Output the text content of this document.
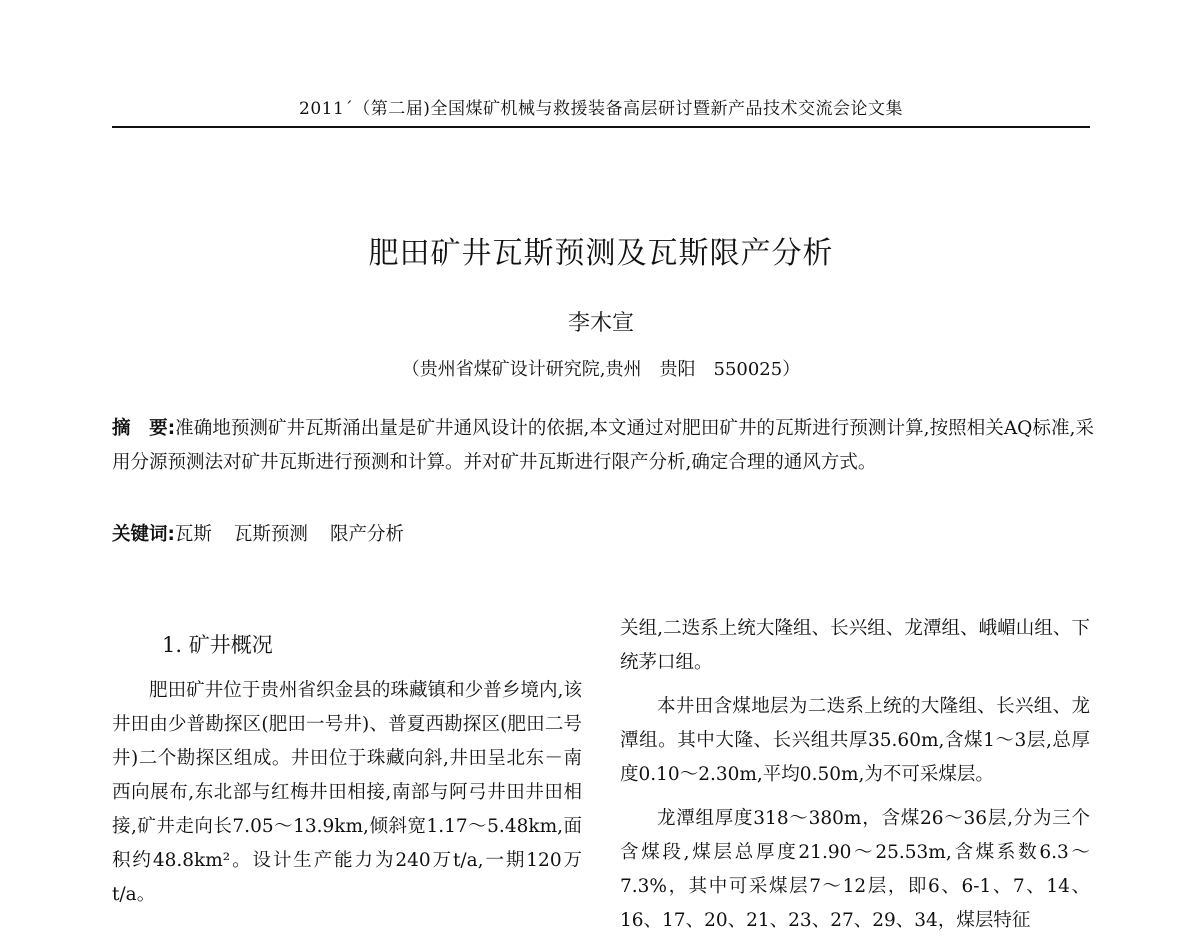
2011´（第二届)全国煤矿机械与救援装备高层研讨暨新产品技术交流会论文集
肥田矿井瓦斯预测及瓦斯限产分析
李木宣
（贵州省煤矿设计研究院,贵州　贵阳　550025）

摘　要:准确地预测矿井瓦斯涌出量是矿井通风设计的依据,本文通过对肥田矿井的瓦斯进行预测计算,按照相关AQ标准,采用分源预测法对矿井瓦斯进行预测和计算。并对矿井瓦斯进行限产分析,确定合理的通风方式。

关键词:瓦斯 瓦斯预测 限产分析

1. 矿井概况

肥田矿井位于贵州省织金县的珠藏镇和少普乡境内,该井田由少普勘探区(肥田一号井)、普夏西勘探区(肥田二号井)二个勘探区组成。井田位于珠藏向斜,井田呈北东－南西向展布,东北部与红梅井田相接,南部与阿弓井田井田相接,矿井走向长7.05～13.9km,倾斜宽1.17～5.48km,面积约48.8km²。设计生产能力为240万t/a,一期120万t/a。

关组,二迭系上统大隆组、长兴组、龙潭组、峨嵋山组、下统茅口组。

本井田含煤地层为二迭系上统的大隆组、长兴组、龙潭组。其中大隆、长兴组共厚35.60m,含煤1～3层,总厚度0.10～2.30m,平均0.50m,为不可采煤层。

龙潭组厚度318～380m，含煤26～36层,分为三个含煤段,煤层总厚度21.90～25.53m,含煤系数6.3～7.3%，其中可采煤层7～12层，即6、6-1、7、14、16、17、20、21、23、27、29、34，煤层特征
